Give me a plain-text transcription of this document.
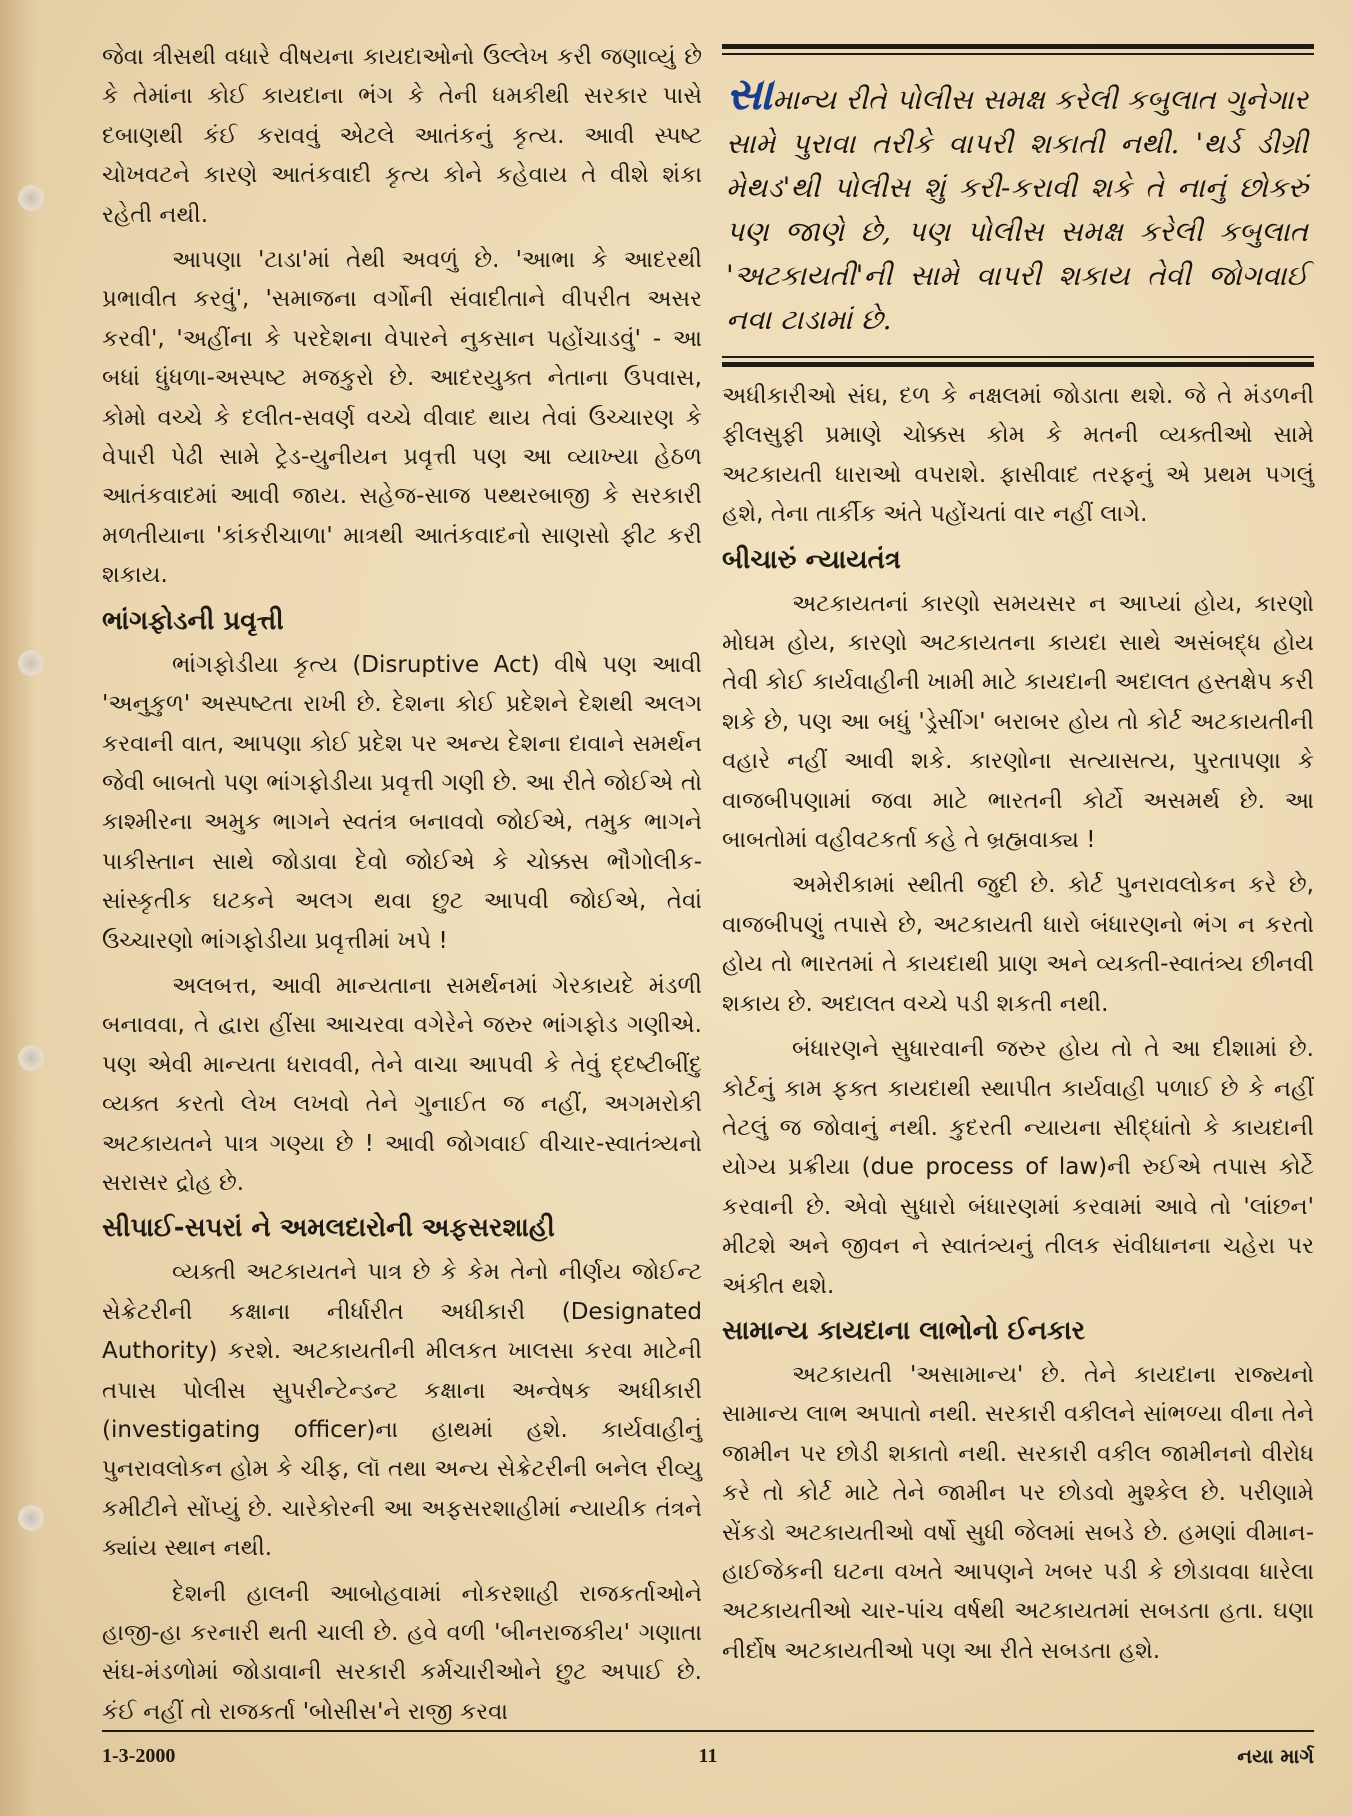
જેવા ત્રીસથી વધારે વીષયના કાયદાઓનો ઉલ્લેખ કરી જણાવ્યું છે કે તેમાંના કોઈ કાયદાના ભંગ કે તેની ધમકીથી સરકાર પાસે દબાણથી કંઈ કરાવવું એટલે આતંકનું કૃત્ય. આવી સ્પષ્ટ ચોખવટને કારણે આતંકવાદી કૃત્ય કોને કહેવાય તે વીશે શંકા રહેતી નથી.

આપણા 'ટાડા'માં તેથી અવળું છે. 'આભા કે આદરથી પ્રભાવીત કરવું', 'સમાજના વર્ગોની સંવાદીતાને વીપરીત અસર કરવી', 'અહીંના કે પરદેશના વેપારને નુકસાન પહોંચાડવું' - આ બધાં ધુંધળા-અસ્પષ્ટ મજકુરો છે. આદરયુક્ત નેતાના ઉપવાસ, કોમો વચ્ચે કે દલીત-સવર્ણ વચ્ચે વીવાદ થાય તેવાં ઉચ્ચારણ કે વેપારી પેઢી સામે ટ્રેડ-યુનીયન પ્રવૃત્તી પણ આ વ્યાખ્યા હેઠળ આતંકવાદમાં આવી જાય. સહેજ-સાજ પથ્થરબાજી કે સરકારી મળતીયાના 'કાંકરીચાળા' માત્રથી આતંકવાદનો સાણસો ફીટ કરી શકાય.

ભાંગફોડની પ્રવૃત્તી

ભાંગફોડીયા કૃત્ય (Disruptive Act) વીષે પણ આવી 'અનુકુળ' અસ્પષ્ટતા રાખી છે. દેશના કોઈ પ્રદેશને દેશથી અલગ કરવાની વાત, આપણા કોઈ પ્રદેશ પર અન્ય દેશના દાવાને સમર્થન જેવી બાબતો પણ ભાંગફોડીયા પ્રવૃત્તી ગણી છે. આ રીતે જોઈએ તો કાશ્મીરના અમુક ભાગને સ્વતંત્ર બનાવવો જોઈએ, તમુક ભાગને પાકીસ્તાન સાથે જોડાવા દેવો જોઈએ કે ચોક્કસ ભૌગોલીક-સાંસ્કૃતીક ઘટકને અલગ થવા છુટ આપવી જોઈએ, તેવાં ઉચ્ચારણો ભાંગફોડીયા પ્રવૃત્તીમાં ખપે !

અલબત્ત, આવી માન્યતાના સમર્થનમાં ગેરકાયદે મંડળી બનાવવા, તે દ્વારા હીંસા આચરવા વગેરેને જરુર ભાંગફોડ ગણીએ. પણ એવી માન્યતા ધરાવવી, તેને વાચા આપવી કે તેવું દ્દષ્ટીબીંદુ વ્યક્ત કરતો લેખ લખવો તેને ગુનાઈત જ નહીં, અગમરોકી અટકાયતને પાત્ર ગણ્યા છે ! આવી જોગવાઈ વીચાર-સ્વાતંત્ર્યનો સરાસર દ્રોહ છે.

સીપાઈ-સપરાં ને અમલદારોની અફસરશાહી

વ્યક્તી અટકાયતને પાત્ર છે કે કેમ તેનો નીર્ણય જોઈન્ટ સેક્રેટરીની કક્ષાના નીર્ધારીત અધીકારી (Designated Authority) કરશે. અટકાયતીની મીલકત ખાલસા કરવા માટેની તપાસ પોલીસ સુપરીન્ટેન્ડન્ટ કક્ષાના અન્વેષક અધીકારી (investigating officer)ના હાથમાં હશે. કાર્યવાહીનું પુનરાવલોકન હોમ કે ચીફ, લૉ તથા અન્ય સેક્રેટરીની બનેલ રીવ્યુ કમીટીને સોંપ્યું છે. ચારેકોરની આ અફસરશાહીમાં ન્યાયીક તંત્રને ક્યાંય સ્થાન નથી.

દેશની હાલની આબોહવામાં નોકરશાહી રાજકર્તાઓને હાજી-હા કરનારી થતી ચાલી છે. હવે વળી 'બીનરાજકીય' ગણાતા સંઘ-મંડળોમાં જોડાવાની સરકારી કર્મચારીઓને છુટ અપાઈ છે. કંઈ નહીં તો રાજકર્તા 'બોસીસ'ને રાજી કરવા

સામાન્ય રીતે પોલીસ સમક્ષ કરેલી કબુલાત ગુનેગાર સામે પુરાવા તરીકે વાપરી શકાતી નથી. 'થર્ડ ડીગ્રી મેથડ'થી પોલીસ શું કરી-કરાવી શકે તે નાનું છોકરું પણ જાણે છે, પણ પોલીસ સમક્ષ કરેલી કબુલાત 'અટકાયતી'ની સામે વાપરી શકાય તેવી જોગવાઈ નવા ટાડામાં છે.

અધીકારીઓ સંઘ, દળ કે નક્ષલમાં જોડાતા થશે. જે તે મંડળની ફીલસુફી પ્રમાણે ચોક્કસ કોમ કે મતની વ્યક્તીઓ સામે અટકાયતી ધારાઓ વપરાશે. ફાસીવાદ તરફનું એ પ્રથમ પગલું હશે, તેના તાર્કીક અંતે પહોંચતાં વાર નહીં લાગે.

બીચારું ન્યાયતંત્ર

અટકાયતનાં કારણો સમયસર ન આપ્યાં હોય, કારણો મોઘમ હોય, કારણો અટકાયતના કાયદા સાથે અસંબદ્ધ હોય તેવી કોઈ કાર્યવાહીની ખામી માટે કાયદાની અદાલત હસ્તક્ષેપ કરી શકે છે, પણ આ બધું 'ડ્રેસીંગ' બરાબર હોય તો કોર્ટ અટકાયતીની વહારે નહીં આવી શકે. કારણોના સત્યાસત્ય, પુરતાપણા કે વાજબીપણામાં જવા માટે ભારતની કોર્ટો અસમર્થ છે. આ બાબતોમાં વહીવટકર્તા કહે તે બ્રહ્મવાક્ય !

અમેરીકામાં સ્થીતી જુદી છે. કોર્ટ પુનરાવલોકન કરે છે, વાજબીપણું તપાસે છે, અટકાયતી ધારો બંધારણનો ભંગ ન કરતો હોય તો ભારતમાં તે કાયદાથી પ્રાણ અને વ્યક્તી-સ્વાતંત્ર્ય છીનવી શકાય છે. અદાલત વચ્ચે પડી શકતી નથી.

બંધારણને સુધારવાની જરુર હોય તો તે આ દીશામાં છે. કોર્ટનું કામ ફક્ત કાયદાથી સ્થાપીત કાર્યવાહી પળાઈ છે કે નહીં તેટલું જ જોવાનું નથી. કુદરતી ન્યાયના સીદ્ધાંતો કે કાયદાની યોગ્ય પ્રક્રીયા (due process of law)ની રુઈએ તપાસ કોર્ટે કરવાની છે. એવો સુધારો બંધારણમાં કરવામાં આવે તો 'લાંછન' મીટશે અને જીવન ને સ્વાતંત્ર્યનું તીલક સંવીધાનના ચહેરા પર અંકીત થશે.

સામાન્ય કાયદાના લાભોનો ઈનકાર

અટકાયતી 'અસામાન્ય' છે. તેને કાયદાના રાજ્યનો સામાન્ય લાભ અપાતો નથી. સરકારી વકીલને સાંભળ્યા વીના તેને જામીન પર છોડી શકાતો નથી. સરકારી વકીલ જામીનનો વીરોધ કરે તો કોર્ટ માટે તેને જામીન પર છોડવો મુશ્કેલ છે. પરીણામે સેંકડો અટકાયતીઓ વર્ષો સુધી જેલમાં સબડે છે. હમણાં વીમાન-હાઈજેકની ઘટના વખતે આપણને ખબર પડી કે છોડાવવા ધારેલા અટકાયતીઓ ચાર-પાંચ વર્ષથી અટકાયતમાં સબડતા હતા. ઘણા નીર્દોષ અટકાયતીઓ પણ આ રીતે સબડતા હશે.

1-3-2000	11	નયા માર્ગ
